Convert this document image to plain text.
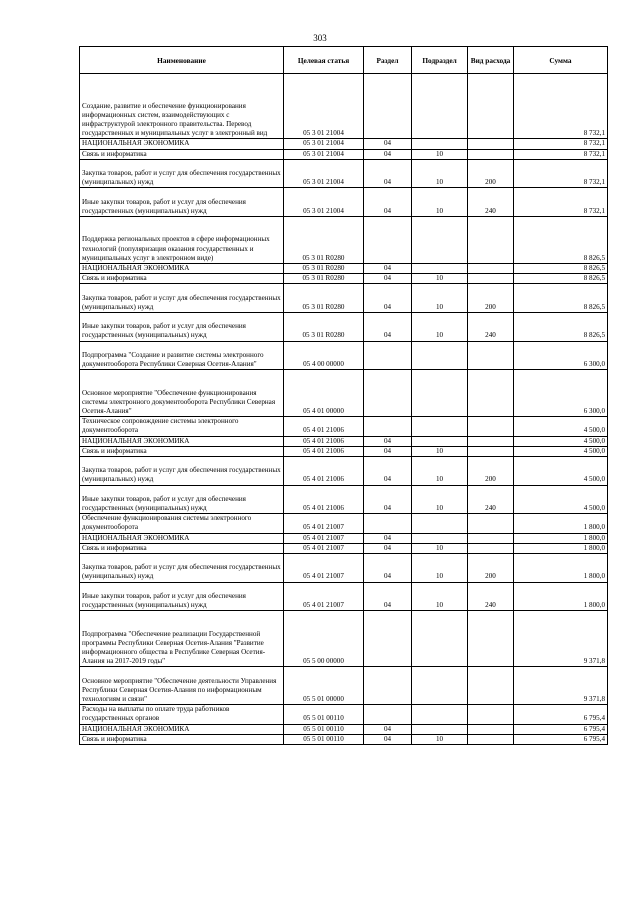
303
Наименование	Целевая статья	Раздел	Подраздел	Вид расхода	Сумма
Создание, развитие и обеспечение функционирования информационных систем, взаимодействующих с инфраструктурой электронного правительства. Перевод государственных и муниципальных услуг в электронный вид	05 3 01 21004				8 732,1
НАЦИОНАЛЬНАЯ ЭКОНОМИКА	05 3 01 21004	04			8 732,1
Связь и информатика	05 3 01 21004	04	10		8 732,1
Закупка товаров, работ и услуг для обеспечения государственных (муниципальных) нужд	05 3 01 21004	04	10	200	8 732,1
Иные закупки товаров, работ и услуг для обеспечения государственных (муниципальных) нужд	05 3 01 21004	04	10	240	8 732,1
Поддержка региональных проектов в сфере информационных технологий (популяризация оказания государственных и муниципальных услуг в электронном виде)	05 3 01 R0280				8 826,5
НАЦИОНАЛЬНАЯ ЭКОНОМИКА	05 3 01 R0280	04			8 826,5
Связь и информатика	05 3 01 R0280	04	10		8 826,5
Закупка товаров, работ и услуг для обеспечения государственных (муниципальных) нужд	05 3 01 R0280	04	10	200	8 826,5
Иные закупки товаров, работ и услуг для обеспечения государственных (муниципальных) нужд	05 3 01 R0280	04	10	240	8 826,5
Подпрограмма "Создание и развитие системы электронного документооборота Республики Северная Осетия-Алания"	05 4 00 00000				6 300,0
Основное мероприятие "Обеспечение функционирования системы электронного документооборота Республики Северная Осетия-Алания"	05 4 01 00000				6 300,0
Техническое сопровождение системы электронного документооборота	05 4 01 21006				4 500,0
НАЦИОНАЛЬНАЯ ЭКОНОМИКА	05 4 01 21006	04			4 500,0
Связь и информатика	05 4 01 21006	04	10		4 500,0
Закупка товаров, работ и услуг для обеспечения государственных (муниципальных) нужд	05 4 01 21006	04	10	200	4 500,0
Иные закупки товаров, работ и услуг для обеспечения государственных (муниципальных) нужд	05 4 01 21006	04	10	240	4 500,0
Обеспечение функционирования системы электронного документооборота	05 4 01 21007				1 800,0
НАЦИОНАЛЬНАЯ ЭКОНОМИКА	05 4 01 21007	04			1 800,0
Связь и информатика	05 4 01 21007	04	10		1 800,0
Закупка товаров, работ и услуг для обеспечения государственных (муниципальных) нужд	05 4 01 21007	04	10	200	1 800,0
Иные закупки товаров, работ и услуг для обеспечения государственных (муниципальных) нужд	05 4 01 21007	04	10	240	1 800,0
Подпрограмма "Обеспечение реализации Государственной программы Республики Северная Осетия-Алания "Развитие информационного общества в Республике Северная Осетия-Алания на 2017-2019 годы"	05 5 00 00000				9 371,8
Основное мероприятие "Обеспечение деятельности Управления Республики Северная Осетия-Алания по информационным технологиям и связи"	05 5 01 00000				9 371,8
Расходы на выплаты по оплате труда работников государственных органов	05 5 01 00110				6 795,4
НАЦИОНАЛЬНАЯ ЭКОНОМИКА	05 5 01 00110	04			6 795,4
Связь и информатика	05 5 01 00110	04	10		6 795,4
